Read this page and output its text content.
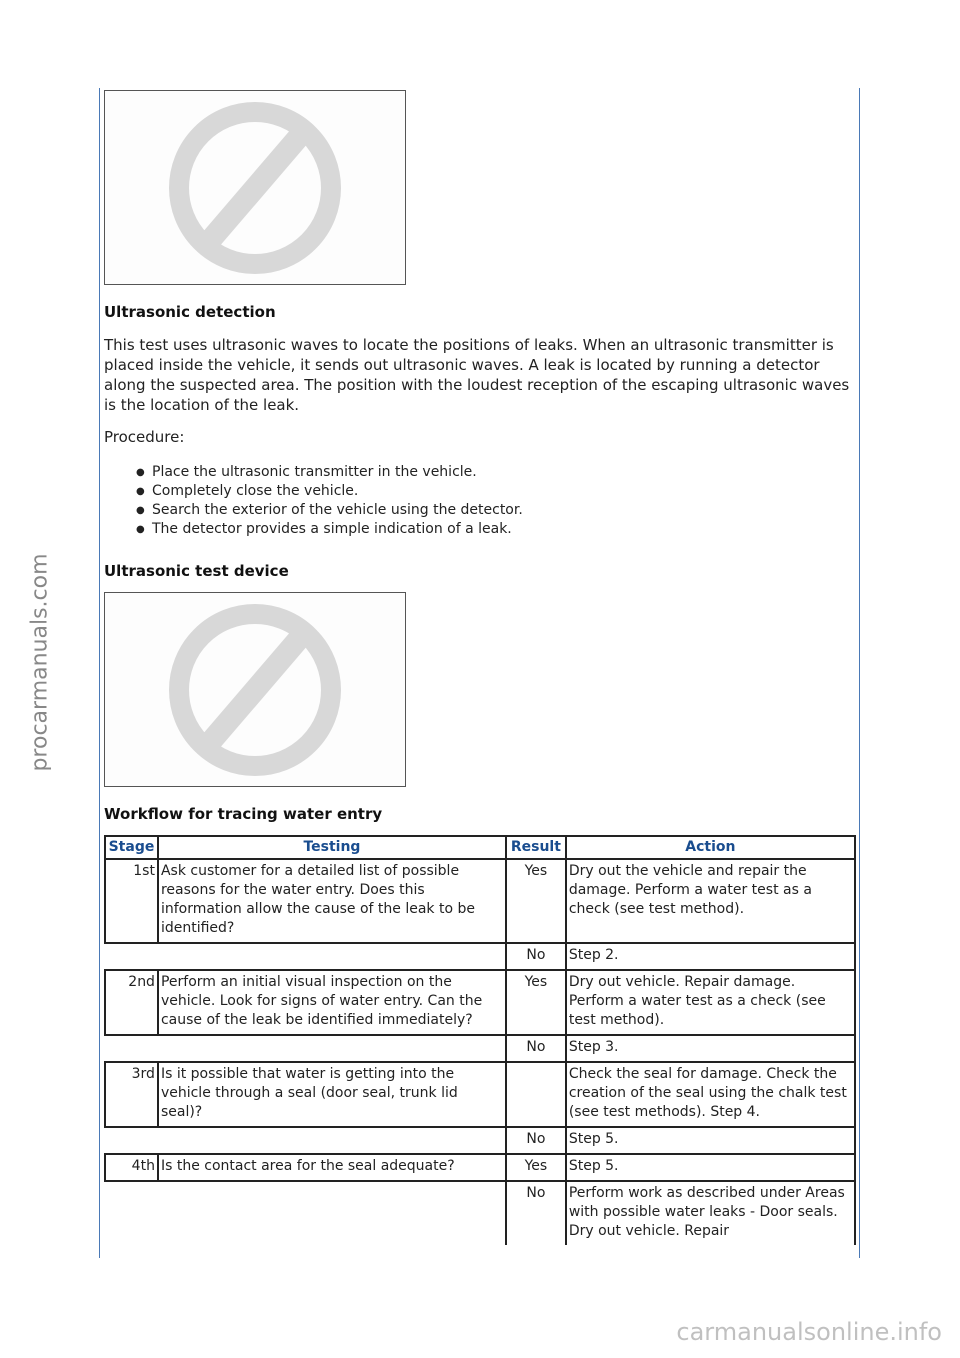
procarmanuals.com
carmanualsonline.info
Ultrasonic detection

This test uses ultrasonic waves to locate the positions of leaks. When an ultrasonic transmitter is placed inside the vehicle, it sends out ultrasonic waves. A leak is located by running a detector along the suspected area. The position with the loudest reception of the escaping ultrasonic waves is the location of the leak.

Procedure:

● Place the ultrasonic transmitter in the vehicle.
● Completely close the vehicle.
● Search the exterior of the vehicle using the detector.
● The detector provides a simple indication of a leak.
Ultrasonic test device
Workflow for tracing water entry
Stage	Testing	Result	Action
1st	Ask customer for a detailed list of possible reasons for the water entry. Does this information allow the cause of the leak to be identified?	Yes	Dry out the vehicle and repair the damage. Perform a water test as a check (see test method).
		No	Step 2.
2nd	Perform an initial visual inspection on the vehicle. Look for signs of water entry. Can the cause of the leak be identified immediately?	Yes	Dry out vehicle. Repair damage. Perform a water test as a check (see test method).
		No	Step 3.
3rd	Is it possible that water is getting into the vehicle through a seal (door seal, trunk lid seal)?		Check the seal for damage. Check the creation of the seal using the chalk test (see test methods). Step 4.
		No	Step 5.
4th	Is the contact area for the seal adequate?	Yes	Step 5.
		No	Perform work as described under Areas with possible water leaks - Door seals. Dry out vehicle. Repair
